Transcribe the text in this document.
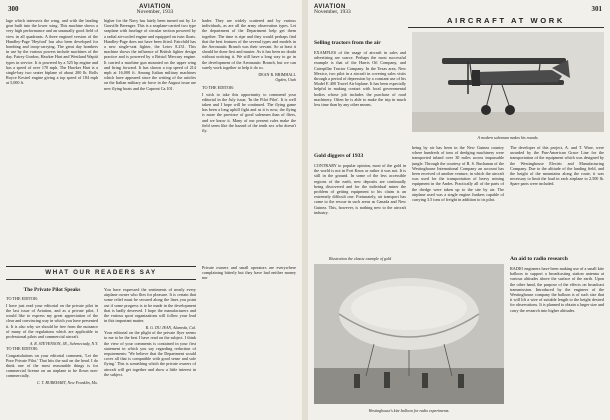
300	AVIATION
November, 1933

lage which intersects the wing, and with the landing gear built into the lower wing. This machine shows a very high performance and an unusually good field of view in all quadrants. A three engined version of the Handley-Page 'Heyford' has also been developed for bombing and troop-carrying. The great day bombers in use by the various powers include machines of the day. Fairey Gordon, Hawker Hart and Westland Wapiti types in service. It is powered by a 525 hp engine and has a speed of over 170 mph. The Hawker Hart is a single-bay two seater biplane of about 200 lb. Rolls Royce Kestrel engine giving a top speed of 184 mph at 5,000 ft.

higher for the Navy has lately been turned out by Le Gouville Berenger. This is a seaplane-carried two type seaplane with fuselage of circular section powered by a radial air-cooled engine and equipped on twin floats. Handley-Page does not have been fitted. Fairchild has a new single-seat fighter, the Letov 8.231. This machine shows the influence of British fighter design practice and is powered by a Bristol Mercury engine. It carried a machine gun mounted on the upper wing and firing forward. It has shown a top speed of 214 mph at 16,000 ft. Among Italian military machines which have appeared since the writing of the articles on the Italian military air force in the August issue are new flying boats and the Caproni Ca.101.

bader. They are widely scattered and by various individuals, as are all the army observation types. Let the department of the Department help get them together. The time is ripe and they would perhaps find that the best features of the several types and models in the Aeronautic Branch was their servant. So at least it should be done first and master. As it has been no doubt without noticing it. We still have a long way to go in the development of the Aeronautic Branch, but we can surely work together to help it do so.

DEAN R. BRIMHALL
Ogden, Utah

TO THE EDITOR:

I wish to take this opportunity to commend your editorial in the July issue, 'In the Pilot Pilot'. It is well taken and I hope will be continued. The flying game has been a long uphill fight and as it is now, the flying is more the province of good salesmen than of fliers, and we know it. Many of our present rules make the field seem like the hazard of the tenth sex who doesn't fly.

WHAT OUR READERS SAY
The Private Pilot Speaks

TO THE EDITOR:

I have just read your editorial on the private pilot in the last issue of Aviation, and as a private pilot, I would like to express my great appreciation of the clear and convincing way in which you have presented it. It is also why we should be free from the nuisance of many of the regulations which are applicable to professional pilots and commercial aircraft.

A. R. STEVENSON, JR., Schenectady, N.Y.

TO THE EDITOR:

Congratulations on your editorial comment, 'Let the Poor Private Pilot.' That hits the nail on the head. I do think one of the most reasonable things is for commercial license on an airplane to be flown non-commercially.

C. T. BURKHART, New Franklin, Mo.

You have expressed the sentiments of nearly every airplane owner who flies for pleasure. It is certain that some relief must be secured along the lines you point out if some progress is to be made in the development that is badly deserved. I hope the manufacturers and the various sport organizations will follow your lead in this important matter.

R. G. DU JEAN, Alameda, Cal.

Your editorial on the plight of the private flyer seems to me to be the best I have read on the subject. I think the view of your comments is contained in your first statement in which you say regarding reduction of requirements: 'We believe that the Department would cover all that is compatible with good sense and safe flying.' This is something which the private owners of aircraft will get together and show a little interest in the subject.

Private owners and small operators are everywhere complaining bitterly but they have had neither money nor

AVIATION
November, 1933	301
AIRCRAFT AT WORK
Selling tractors from the air

EXAMPLES of the usage of aircraft in sales and advertising are scarce. Perhaps the most successful example is that of the Harris Oil Company, and Caterpillar Tractor Company. In the Texas area, New Mexico, two pilot in a aircraft in covering sales visits through a period of depression by a constant use of his Model E 400 Travel Air biplane. It has been especially helpful in making contact with local governmental bodies whose job includes the purchase of road machinery. Often he is able to make the trip in much less time than by any other means.

A modern salesman makes his rounds.
Gold diggers of 1933

CONTRARY to popular opinion, most of the gold in the world is not in Fort Knox or rather it was not. It is still in the ground. In some of the less accessible regions of the earth, new deposits are continually being discovered and for the individual miner the problem of getting equipment to his claim is an extremely difficult one. Fortunately, air transport has come to the rescue in such areas as Canada and New Guinea. This, however, is nothing new to the aircraft industry.

Illustration the classic example of gold

being by air has been in the New Guinea country where hundreds of tons of dredging machinery were transported inland over 30 miles across impassable jungle. Through the courtesy of R. S. Buchanan of the Westinghouse International Company an account has been received of another venture, in which the aircraft was used for the transportation of heavy mining equipment in the Andes. Practically all of the parts of the dredge were taken up to the site by air. The airplane used was a single engine Junkers capable of carrying 3.5 tons of freight in addition to its pilot.

The developer of this project, A. and T. Ware, were awarded by the Pan-American Grace Line for the transportation of the equipment which was designed by the Westinghouse Electric and Manufacturing Company. Due to the altitude of the landing field, and the height of the mountains along the route, it was necessary to limit the load in each airplane to 2,500 lb. Spare parts were included.

Westinghouse's kite balloon for radio experiments.
An aid to radio research

RADIO engineers have been making use of a small kite balloon to support a broadcasting station antenna at various altitudes above the surface of the earth. Upon the other hand, the purpose of the effects on broadcast transmission. Introduced by the engineer of the Westinghouse company the balloon is of such size that it will lift a wire of suitable length to the height desired for observations. It is planned to obtain a larger size and carry the research into higher altitudes.
